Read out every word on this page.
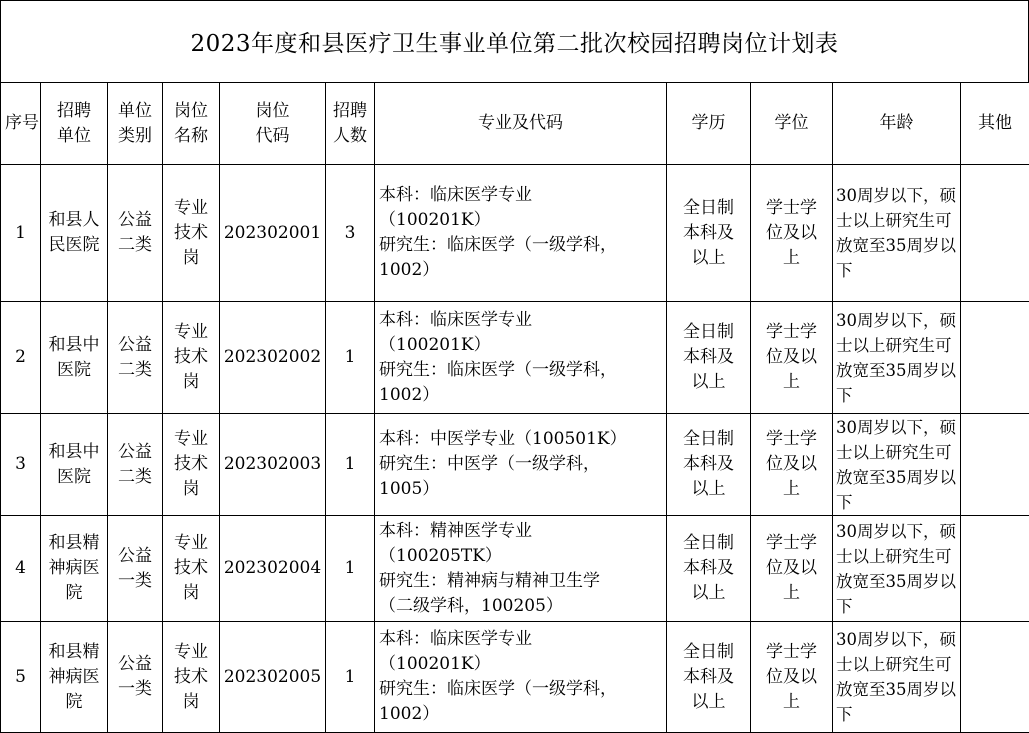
2023年度和县医疗卫生事业单位第二批次校园招聘岗位计划表
序号	招聘单位	单位类别	岗位名称	岗位代码	招聘人数	专业及代码	学历	学位	年龄	其他
1	和县人民医院	公益二类	专业技术岗	202302001	3	本科：临床医学专业
（100201K）
研究生：临床医学（一级学科，
1002）	全日制本科及以上	学士学位及以上	30周岁以下，硕士以上研究生可放宽至35周岁以下	
2	和县中医院	公益二类	专业技术岗	202302002	1	本科：临床医学专业
（100201K）
研究生：临床医学（一级学科，
1002）	全日制本科及以上	学士学位及以上	30周岁以下，硕士以上研究生可放宽至35周岁以下	
3	和县中医院	公益二类	专业技术岗	202302003	1	本科：中医学专业（100501K）
研究生：中医学（一级学科，
1005）	全日制本科及以上	学士学位及以上	30周岁以下，硕士以上研究生可放宽至35周岁以下	
4	和县精神病医院	公益一类	专业技术岗	202302004	1	本科：精神医学专业
（100205TK）
研究生：精神病与精神卫生学
（二级学科，100205）	全日制本科及以上	学士学位及以上	30周岁以下，硕士以上研究生可放宽至35周岁以下	
5	和县精神病医院	公益一类	专业技术岗	202302005	1	本科：临床医学专业
（100201K）
研究生：临床医学（一级学科，
1002）	全日制本科及以上	学士学位及以上	30周岁以下，硕士以上研究生可放宽至35周岁以下	
